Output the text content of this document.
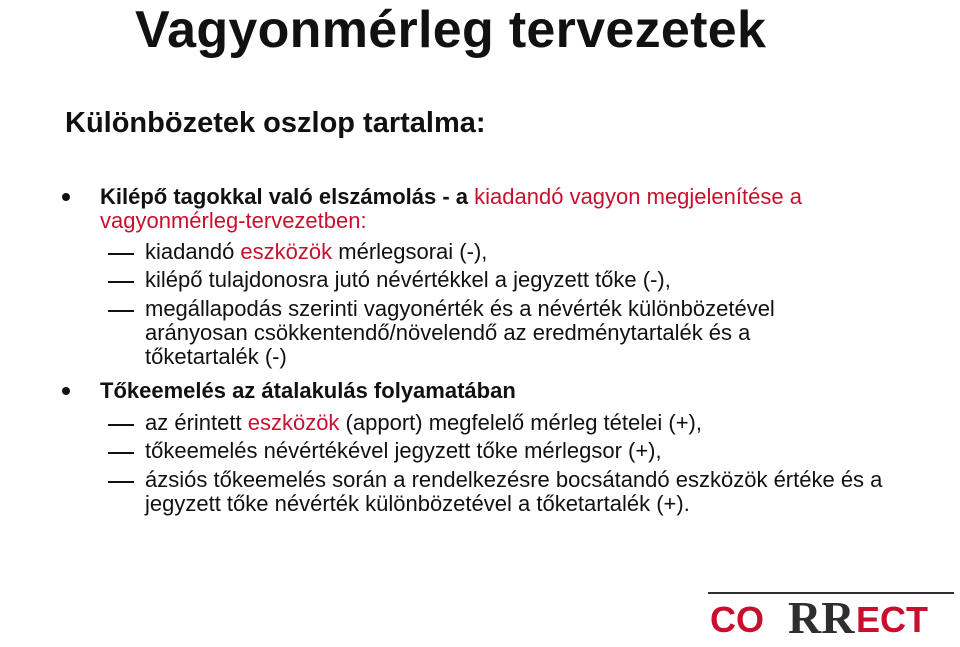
Vagyonmérleg tervezetek
Különbözetek oszlop tartalma:
Kilépő tagokkal való elszámolás - a kiadandó vagyon megjelenítése a
vagyonmérleg-tervezetben:
kiadandó eszközök mérlegsorai (-),
kilépő tulajdonosra jutó névértékkel a jegyzett tőke (-),
megállapodás szerinti vagyonérték és a névérték különbözetével arányosan csökkentendő/növelendő az eredménytartalék és a tőketartalék (-)
Tőkeemelés az átalakulás folyamatában
az érintett eszközök (apport) megfelelő mérleg tételei (+),
tőkeemelés névértékével jegyzett tőke mérlegsor (+),
ázsiós tőkeemelés során a rendelkezésre bocsátandó eszközök értéke és a jegyzett tőke névérték különbözetével a tőketartalék (+).
CO RR ECT
